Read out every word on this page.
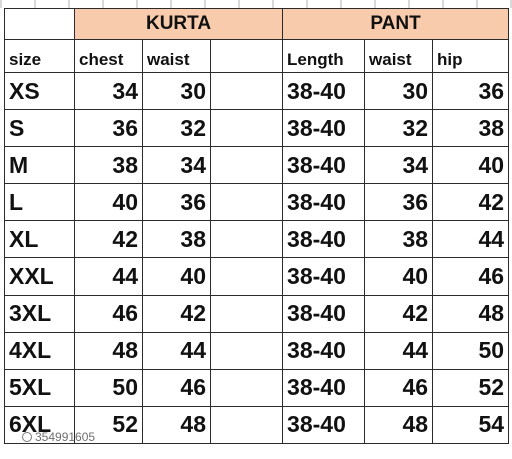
	KURTA			PANT		
size	chest	waist		Length	waist	hip
XS	34	30		38-40	30	36
S	36	32		38-40	32	38
M	38	34		38-40	34	40
L	40	36		38-40	36	42
XL	42	38		38-40	38	44
XXL	44	40		38-40	40	46
3XL	46	42		38-40	42	48
4XL	48	44		38-40	44	50
5XL	50	46		38-40	46	52
6XL	52	48		38-40	48	54
354991605
